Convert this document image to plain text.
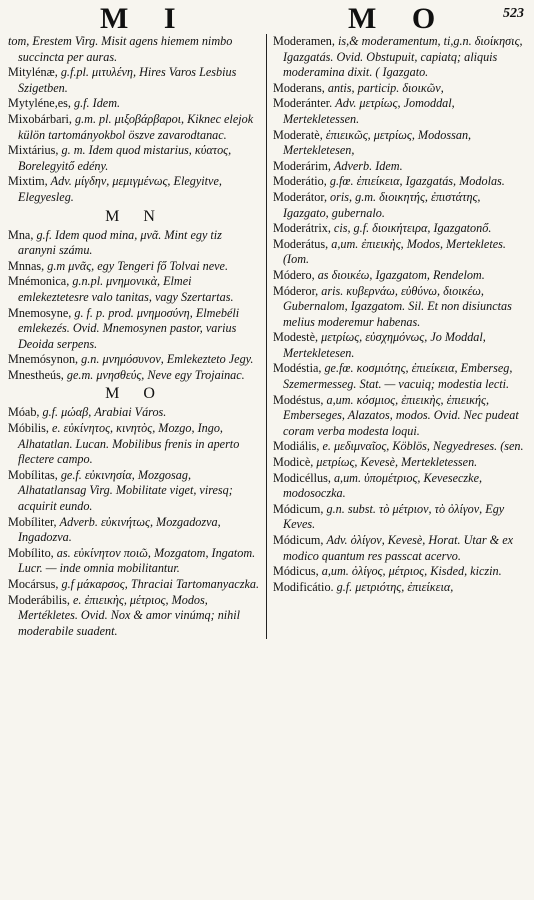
M I	M O	523

tom, Erestem Virg. Misit agens hiemem nimbo succincta per auras.

Mitylénæ, g.f.pl. μιτυλένη, Hires Varos Lesbius Szigetben.

Mytyléne,es, g.f. Idem.

Mixobárbari, g.m. pl. μιξοβάρβαροι, Kiknec elejok külön tartományokbol öszve zavarodtanac.

Mixtárius, g. m. Idem quod mistarius, κύατος, Borelegyitő edény.

Mixtim, Adv. μίγδην, μεμιγμένως, Elegyitve, Elegyesleg.

M N

Mna, g.f. Idem quod mina, μνᾶ. Mint egy tiz aranyni számu.

Mnnas, g.m μνᾶς, egy Tengeri fő Tolvai neve.

Mnémonica, g.n.pl. μνημονικὰ, Elmei emlekeztetesre valo tanitas, vagy Szertartas.

Mnemosyne, g. f. p. prod. μνημοσύνη, Elmebéli emlekezés. Ovid. Mnemosynen pastor, varius Deoida serpens.

Mnemósynon, g.n. μνημόσυνον, Emlekezteto Jegy.

Mnestheús, ge.m. μνησθεύς, Neve egy Trojainac.

M O

Móab, g.f. μώαβ, Arabiai Város.

Móbilis, e. εὐκίνητος, κινητὸς, Mozgo, Ingo, Alhatatlan. Lucan. Mobilibus frenis in aperto flectere campo.

Mobílitas, ge.f. εὐκινησία, Mozgosag, Alhatatlansag Virg. Mobilitate viget, viresq; acquirit eundo.

Mobíliter, Adverb. εὐκινήτως, Mozgadozva, Ingadozva.

Mobílito, as. εὐκίνητον ποιῶ, Mozgatom, Ingatom. Lucr. — inde omnia mobilitantur.

Mocársus, g.f μάκαρσος, Thraciai Tartomanyaczka.

Moderábilis, e. ἐπιεικὴς, μέτριος, Modos, Mertékletes. Ovid. Nox & amor vinúmq; nihil moderabile suadent.

Moderamen, is,& moderamentum, ti,g.n. διοίκησις, Igazgatás. Ovid. Obstupuit, capiatq; aliquis moderamina dixit. ( Igazgato.

Moderans, antis, particip. διοικῶν,

Moderánter. Adv. μετρίως, Jomoddal, Mertekletessen.

Moderatè, ἐπιεικῶς, μετρίως, Modossan, Mertekletesen,

Moderárim, Adverb. Idem.

Moderátio, g.fœ. ἐπιείκεια, Igazgatás, Modolas.

Moderátor, oris, g.m. διοικητής, ἐπιστάτης, Igazgato, gubernalo.

Moderátrix, cis, g.f. διοικήτειρα, Igazgatonő.

Moderátus, a,um. ἐπιεικὴς, Modos, Mertekletes. (Iom.

Módero, as διοικέω, Igazgatom, Rendelom.

Móderor, aris. κυβερνάω, εὐθύνω, διοικέω, Gubernalom, Igazgatom. Sil. Et non disiunctas melius moderemur habenas.

Modestè, μετρίως, εὐσχημόνως, Jo Moddal, Mertekletesen.

Modéstia, ge.fœ. κοσμιότης, ἐπιείκεια, Emberseg, Szemermesseg. Stat. — vacuiq; modestia lecti.

Modéstus, a,um. κόσμιος, ἐπιεικὴς, ἐπιεικής, Emberseges, Alazatos, modos. Ovid. Nec pudeat coram verba modesta loqui.

Modiális, e. μεδιμναῖος, Köblös, Negyedreses. (sen.

Modicè, μετρίως, Kevesè, Mertekletessen.

Modicéllus, a,um. ὑπομέτριος, Keveseczke, modosoczka.

Módicum, g.n. subst. τὸ μέτριον, τὸ ὀλίγον, Egy Keves.

Módicum, Adv. ὀλίγον, Kevesè, Horat. Utar & ex modico quantum res passcat acervo.

Módicus, a,um. ὀλίγος, μέτριος, Kisded, kiczin.

Modificátio. g.f. μετριότης, ἐπιείκεια,
